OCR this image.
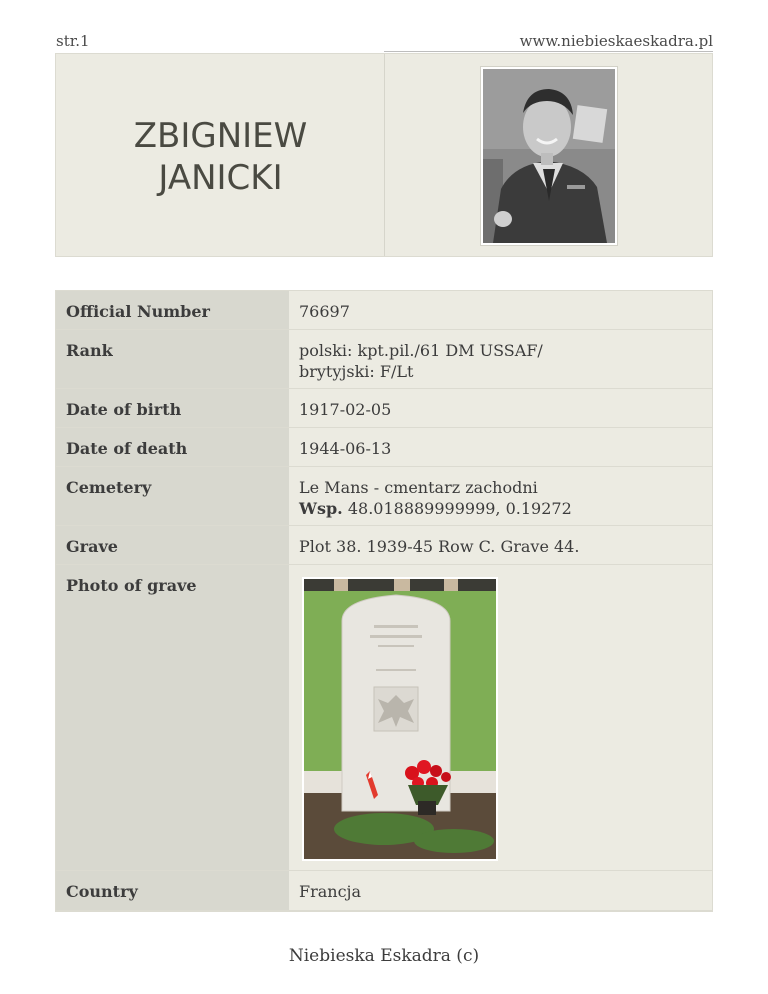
str.1	www.niebieskaeskadra.pl
ZBIGNIEW
JANICKI
Official Number	76697
Rank	polski: kpt.pil./61 DM USSAF/
brytyjski: F/Lt
Date of birth	1917-02-05
Date of death	1944-06-13
Cemetery	Le Mans - cmentarz zachodni
Wsp. 48.018889999999, 0.19272
Grave	Plot 38. 1939-45 Row C. Grave 44.
Photo of grave
Country	Francja
Niebieska Eskadra (c)
